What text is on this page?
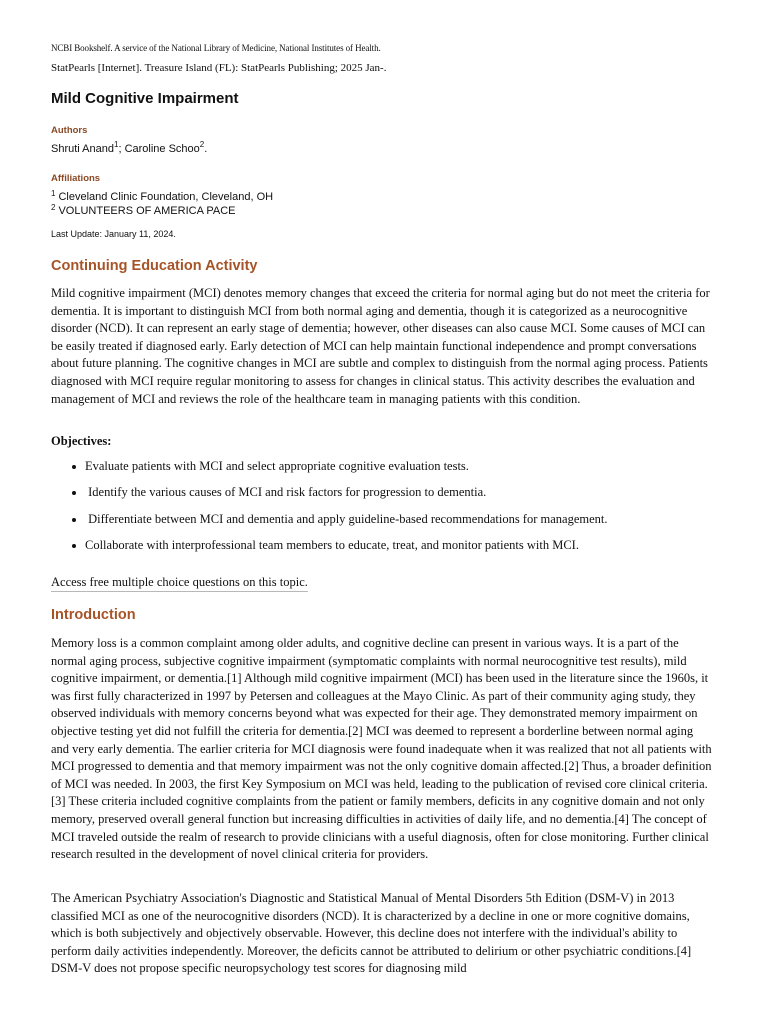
NCBI Bookshelf. A service of the National Library of Medicine, National Institutes of Health.
StatPearls [Internet]. Treasure Island (FL): StatPearls Publishing; 2025 Jan-.
Mild Cognitive Impairment
Authors
Shruti Anand$^1$; Caroline Schoo$^2$.
Affiliations
$^1$ Cleveland Clinic Foundation, Cleveland, OH
$^2$ VOLUNTEERS OF AMERICA PACE
Last Update: January 11, 2024.
Continuing Education Activity

Mild cognitive impairment (MCI) denotes memory changes that exceed the criteria for normal aging but do not meet the criteria for dementia. It is important to distinguish MCI from both normal aging and dementia, though it is categorized as a neurocognitive disorder (NCD). It can represent an early stage of dementia; however, other diseases can also cause MCI. Some causes of MCI can be easily treated if diagnosed early. Early detection of MCI can help maintain functional independence and prompt conversations about future planning. The cognitive changes in MCI are subtle and complex to distinguish from the normal aging process. Patients diagnosed with MCI require regular monitoring to assess for changes in clinical status. This activity describes the evaluation and management of MCI and reviews the role of the healthcare team in managing patients with this condition.

Objectives:
Evaluate patients with MCI and select appropriate cognitive evaluation tests.
Identify the various causes of MCI and risk factors for progression to dementia.
Differentiate between MCI and dementia and apply guideline-based recommendations for management.
Collaborate with interprofessional team members to educate, treat, and monitor patients with MCI.
Access free multiple choice questions on this topic.
Introduction

Memory loss is a common complaint among older adults, and cognitive decline can present in various ways. It is a part of the normal aging process, subjective cognitive impairment (symptomatic complaints with normal neurocognitive test results), mild cognitive impairment, or dementia.[1] Although mild cognitive impairment (MCI) has been used in the literature since the 1960s, it was first fully characterized in 1997 by Petersen and colleagues at the Mayo Clinic. As part of their community aging study, they observed individuals with memory concerns beyond what was expected for their age. They demonstrated memory impairment on objective testing yet did not fulfill the criteria for dementia.[2] MCI was deemed to represent a borderline between normal aging and very early dementia. The earlier criteria for MCI diagnosis were found inadequate when it was realized that not all patients with MCI progressed to dementia and that memory impairment was not the only cognitive domain affected.[2] Thus, a broader definition of MCI was needed. In 2003, the first Key Symposium on MCI was held, leading to the publication of revised core clinical criteria.[3] These criteria included cognitive complaints from the patient or family members, deficits in any cognitive domain and not only memory, preserved overall general function but increasing difficulties in activities of daily life, and no dementia.[4] The concept of MCI traveled outside the realm of research to provide clinicians with a useful diagnosis, often for close monitoring. Further clinical research resulted in the development of novel clinical criteria for providers.

The American Psychiatry Association's Diagnostic and Statistical Manual of Mental Disorders 5th Edition (DSM-V) in 2013 classified MCI as one of the neurocognitive disorders (NCD). It is characterized by a decline in one or more cognitive domains, which is both subjectively and objectively observable. However, this decline does not interfere with the individual's ability to perform daily activities independently. Moreover, the deficits cannot be attributed to delirium or other psychiatric conditions.[4] DSM-V does not propose specific neuropsychology test scores for diagnosing mild
